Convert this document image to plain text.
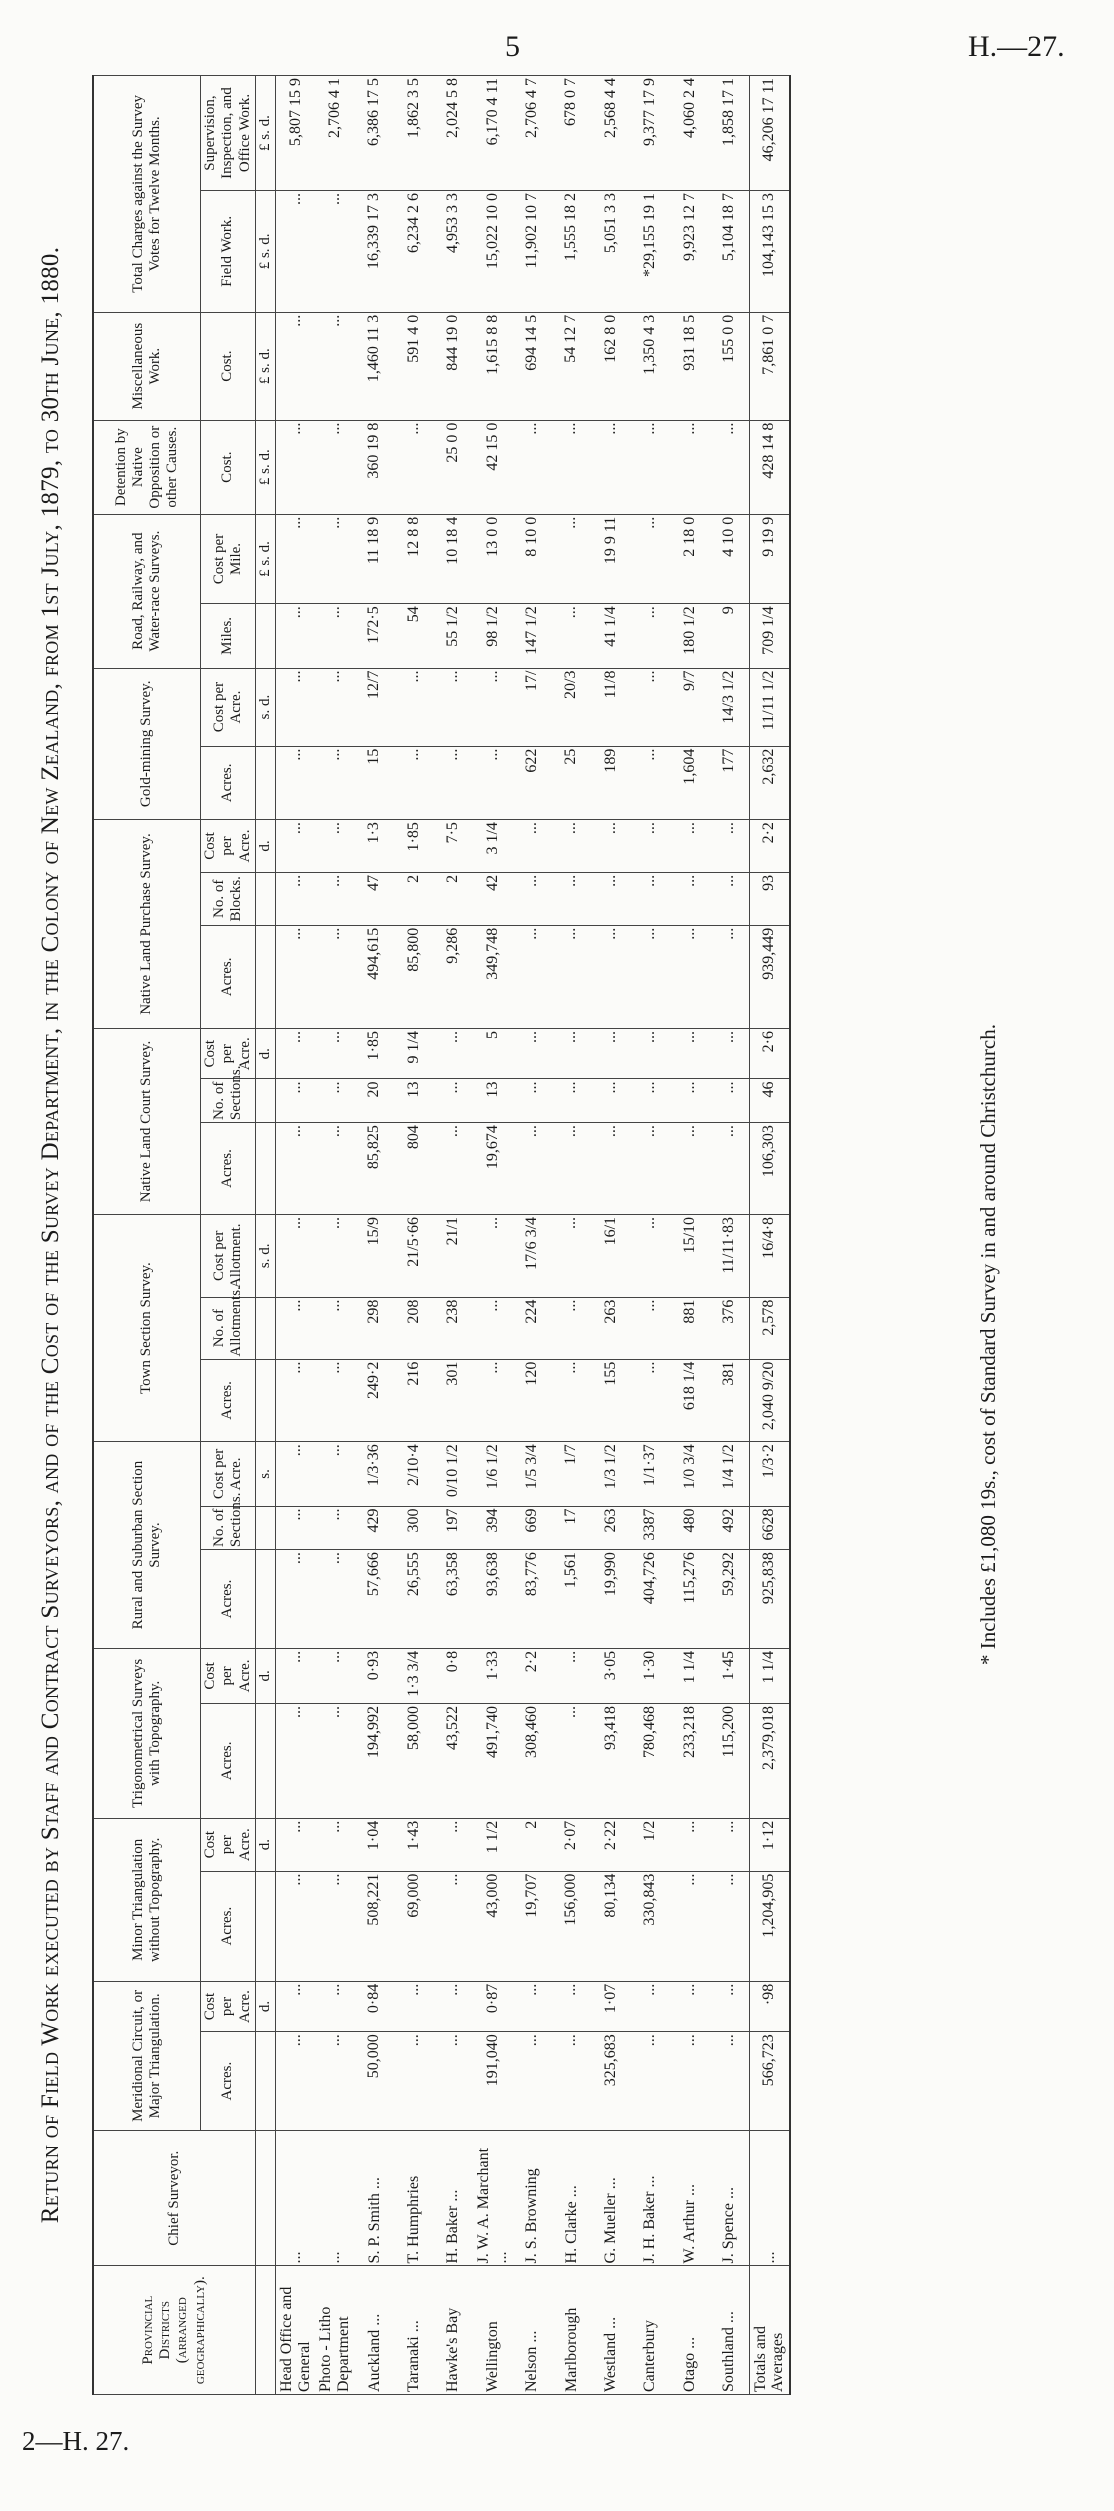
5	H.—27.
2—H. 27.
* Includes £1,080 19s., cost of Standard Survey in and around Christchurch.
Return of Field Work executed by Staff and Contract Surveyors, and of the Cost of the Survey Department, in the Colony of New Zealand, from 1st July, 1879, to 30th June, 1880.
Provincial Districts (arranged geographically).	Chief Surveyor.	Meridional Circuit, or Major Triangulation.		Minor Triangulation without Topography.		Trigonometrical Surveys with Topography.		Rural and Suburban Section Survey.			Town Section Survey.			Native Land Court Survey.			Native Land Purchase Survey.			Gold-mining Survey.		Road, Railway, and Water-race Surveys.		Detention by Native Opposition or other Causes.	Miscellaneous Work.	Total Charges against the Survey Votes for Twelve Months.	
		Acres.	Cost per Acre.	Acres.	Cost per Acre.	Acres.	Cost per Acre.	Acres.	No. of Sections.	Cost per Acre.	Acres.	No. of Allotments.	Cost per Allotment.	Acres.	No. of Sections.	Cost per Acre.	Acres.	No. of Blocks.	Cost per Acre.	Acres.	Cost per Acre.	Miles.	Cost per Mile.	Cost.	Cost.	Field Work.	Supervision, Inspection, and Office Work.
			d.		d.		d.			s.			s. d.			d.			d.		s. d.		£ s. d.	£ s. d.	£ s. d.	£ s. d.	£ s. d.
Head Office and General	...	...	...	...	...	...	...	...	...	...	...	...	...	...	...	...	...	...	...	...	...	...	...	...	...	...	5,807 15 9
Photo - Litho Department	...	...	...	...	...	...	...	...	...	...	...	...	...	...	...	...	...	...	...	...	...	...	...	...	...	...	2,706 4 1
Auckland ...	S. P. Smith ...	50,000	0·84	508,221	1·04	194,992	0·93	57,666	429	1/3·36	249·2	298	15/9	85,825	20	1·85	494,615	47	1·3	15	12/7	172·5	11 18 9	360 19 8	1,460 11 3	16,339 17 3	6,386 17 5
Taranaki ...	T. Humphries	...	...	69,000	1·43	58,000	1·3 3/4	26,555	300	2/10·4	216	208	21/5·66	804	13	9 1/4	85,800	2	1·85	...	...	54	12 8 8	...	591 4 0	6,234 2 6	1,862 3 5
Hawke's Bay	H. Baker ...	...	...	...	...	43,522	0·8	63,358	197	0/10 1/2	301	238	21/1	...	...	...	9,286	2	7·5	...	...	55 1/2	10 18 4	25 0 0	844 19 0	4,953 3 3	2,024 5 8
Wellington	J. W. A. Marchant ...	191,040	0·87	43,000	1 1/2	491,740	1·33	93,638	394	1/6 1/2	...	...	...	19,674	13	5	349,748	42	3 1/4	...	...	98 1/2	13 0 0	42 15 0	1,615 8 8	15,022 10 0	6,170 4 11
Nelson ...	J. S. Browning	...	...	19,707	2	308,460	2·2	83,776	669	1/5 3/4	120	224	17/6 3/4	...	...	...	...	...	...	622	17/	147 1/2	8 10 0	...	694 14 5	11,902 10 7	2,706 4 7
Marlborough	H. Clarke ...	...	...	156,000	2·07	...	...	1,561	17	1/7	...	...	...	...	...	...	...	...	...	25	20/3	...	...	...	54 12 7	1,555 18 2	678 0 7
Westland ...	G. Mueller ...	325,683	1·07	80,134	2·22	93,418	3·05	19,990	263	1/3 1/2	155	263	16/1	...	...	...	...	...	...	189	11/8	41 1/4	19 9 11	...	162 8 0	5,051 3 3	2,568 4 4
Canterbury	J. H. Baker ...	...	...	330,843	1/2	780,468	1·30	404,726	3387	1/1·37	...	...	...	...	...	...	...	...	...	...	...	...	...	...	1,350 4 3	*29,155 19 1	9,377 17 9
Otago ...	W. Arthur ...	...	...	...	...	233,218	1 1/4	115,276	480	1/0 3/4	618 1/4	881	15/10	...	...	...	...	...	...	1,604	9/7	180 1/2	2 18 0	...	931 18 5	9,923 12 7	4,060 2 4
Southland ...	J. Spence ...	...	...	...	...	115,200	1·45	59,292	492	1/4 1/2	381	376	11/11·83	...	...	...	...	...	...	177	14/3 1/2	9	4 10 0	...	155 0 0	5,104 18 7	1,858 17 1
Totals and Averages	...	566,723	·98	1,204,905	1·12	2,379,018	1 1/4	925,838	6628	1/3·2	2,040 9/20	2,578	16/4·8	106,303	46	2·6	939,449	93	2·2	2,632	11/11 1/2	709 1/4	9 19 9	428 14 8	7,861 0 7	104,143 15 3	46,206 17 11
